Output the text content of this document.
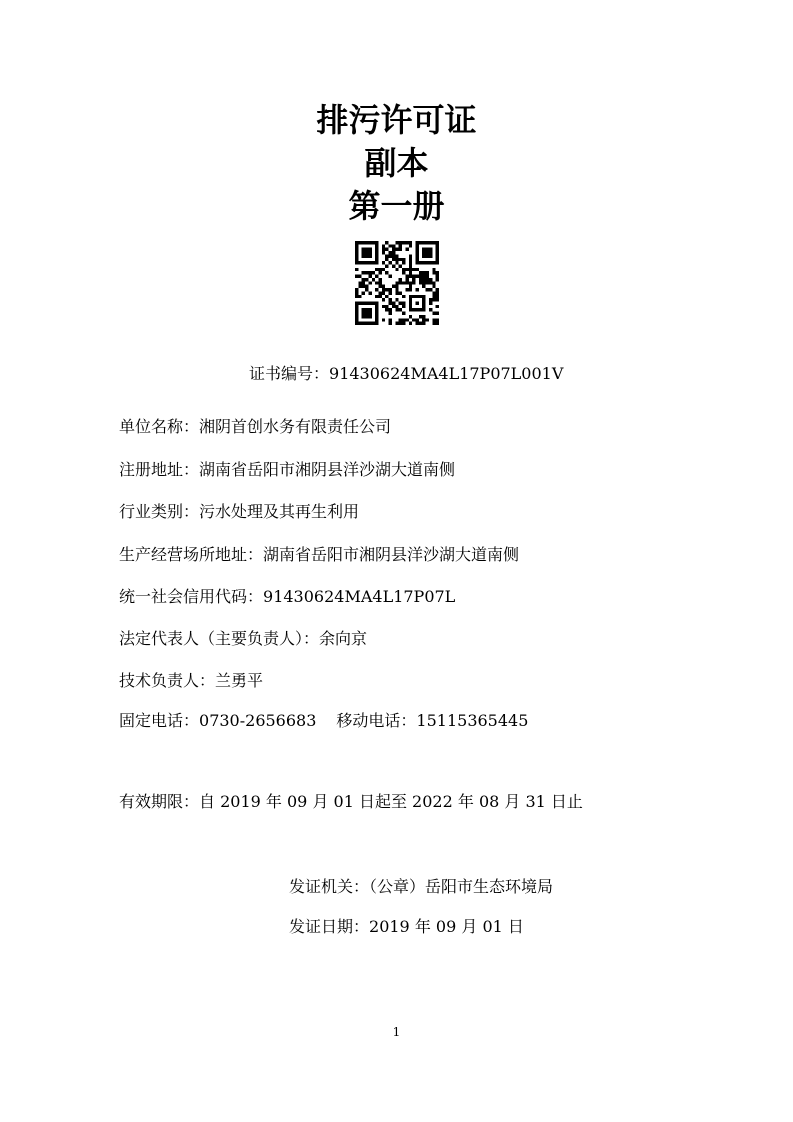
排污许可证
副本
第一册
证书编号：91430624MA4L17P07L001V
单位名称：湘阴首创水务有限责任公司
注册地址：湖南省岳阳市湘阴县洋沙湖大道南侧
行业类别：污水处理及其再生利用
生产经营场所地址：湖南省岳阳市湘阴县洋沙湖大道南侧
统一社会信用代码：91430624MA4L17P07L
法定代表人（主要负责人）：余向京
技术负责人：兰勇平
固定电话：0730-2656683 移动电话：15115365445
有效期限：自 2019 年 09 月 01 日起至 2022 年 08 月 31 日止
发证机关：（公章）岳阳市生态环境局
发证日期：2019 年 09 月 01 日
1
